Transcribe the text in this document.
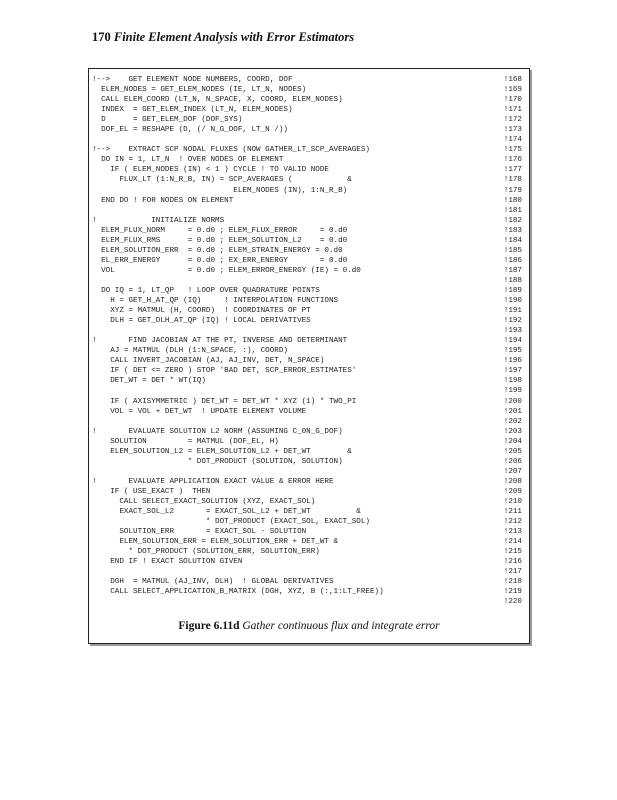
170 Finite Element Analysis with Error Estimators
!-->    GET ELEMENT NODE NUMBERS, COORD, DOF	!168
ELEM_NODES = GET_ELEM_NODES (IE, LT_N, NODES)	!169
CALL ELEM_COORD (LT_N, N_SPACE, X, COORD, ELEM_NODES)	!170
INDEX  = GET_ELEM_INDEX (LT_N, ELEM_NODES)	!171
D      = GET_ELEM_DOF (DOF_SYS)	!172
DOF_EL = RESHAPE (D, (/ N_G_DOF, LT_N /))	!173
!174
!-->    EXTRACT SCP NODAL FLUXES (NOW GATHER_LT_SCP_AVERAGES)	!175
DO IN = 1, LT_N  ! OVER NODES OF ELEMENT	!176
IF ( ELEM_NODES (IN) < 1 ) CYCLE ! TO VALID NODE	!177
FLUX_LT (1:N_R_B, IN) = SCP_AVERAGES (            &	!178
ELEM_NODES (IN), 1:N_R_B)	!179
END DO ! FOR NODES ON ELEMENT	!180
!181
!            INITIALIZE NORMS	!182
ELEM_FLUX_NORM     = 0.d0 ; ELEM_FLUX_ERROR     = 0.d0	!183
ELEM_FLUX_RMS      = 0.d0 ; ELEM_SOLUTION_L2    = 0.d0	!184
ELEM_SOLUTION_ERR  = 0.d0 ; ELEM_STRAIN_ENERGY = 0.d0	!185
EL_ERR_ENERGY      = 0.d0 ; EX_ERR_ENERGY       = 0.d0	!186
VOL                = 0.d0 ; ELEM_ERROR_ENERGY (IE) = 0.d0	!187
!188
DO IQ = 1, LT_QP   ! LOOP OVER QUADRATURE POINTS	!189
H = GET_H_AT_QP (IQ)     ! INTERPOLATION FUNCTIONS	!190
XYZ = MATMUL (H, COORD)  ! COORDINATES OF PT	!191
DLH = GET_DLH_AT_QP (IQ) ! LOCAL DERIVATIVES	!192
!193
!       FIND JACOBIAN AT THE PT, INVERSE AND DETERMINANT	!194
AJ = MATMUL (DLH (1:N_SPACE, :), COORD)	!195
CALL INVERT_JACOBIAN (AJ, AJ_INV, DET, N_SPACE)	!196
IF ( DET <= ZERO ) STOP 'BAD DET, SCP_ERROR_ESTIMATES'	!197
DET_WT = DET * WT(IQ)	!198
!199
IF ( AXISYMMETRIC ) DET_WT = DET_WT * XYZ (1) * TWO_PI	!200
VOL = VOL + DET_WT  ! UPDATE ELEMENT VOLUME	!201
!202
!       EVALUATE SOLUTION L2 NORM (ASSUMING C_0N_G_DOF)	!203
SOLUTION         = MATMUL (DOF_EL, H)	!204
ELEM_SOLUTION_L2 = ELEM_SOLUTION_L2 + DET_WT        &	!205
* DOT_PRODUCT (SOLUTION, SOLUTION)	!206
!207
!       EVALUATE APPLICATION EXACT VALUE & ERROR HERE	!208
IF ( USE_EXACT )  THEN	!209
CALL SELECT_EXACT_SOLUTION (XYZ, EXACT_SOL)	!210
EXACT_SOL_L2       = EXACT_SOL_L2 + DET_WT          &	!211
* DOT_PRODUCT (EXACT_SOL, EXACT_SOL)	!212
SOLUTION_ERR       = EXACT_SOL - SOLUTION	!213
ELEM_SOLUTION_ERR = ELEM_SOLUTION_ERR + DET_WT &	!214
* DOT_PRODUCT (SOLUTION_ERR, SOLUTION_ERR)	!215
END IF ! EXACT SOLUTION GIVEN	!216
!217
DGH  = MATMUL (AJ_INV, DLH)  ! GLOBAL DERIVATIVES	!218
CALL SELECT_APPLICATION_B_MATRIX (DGH, XYZ, B (:,1:LT_FREE))	!219
!220
Figure 6.11d Gather continuous flux and integrate error
